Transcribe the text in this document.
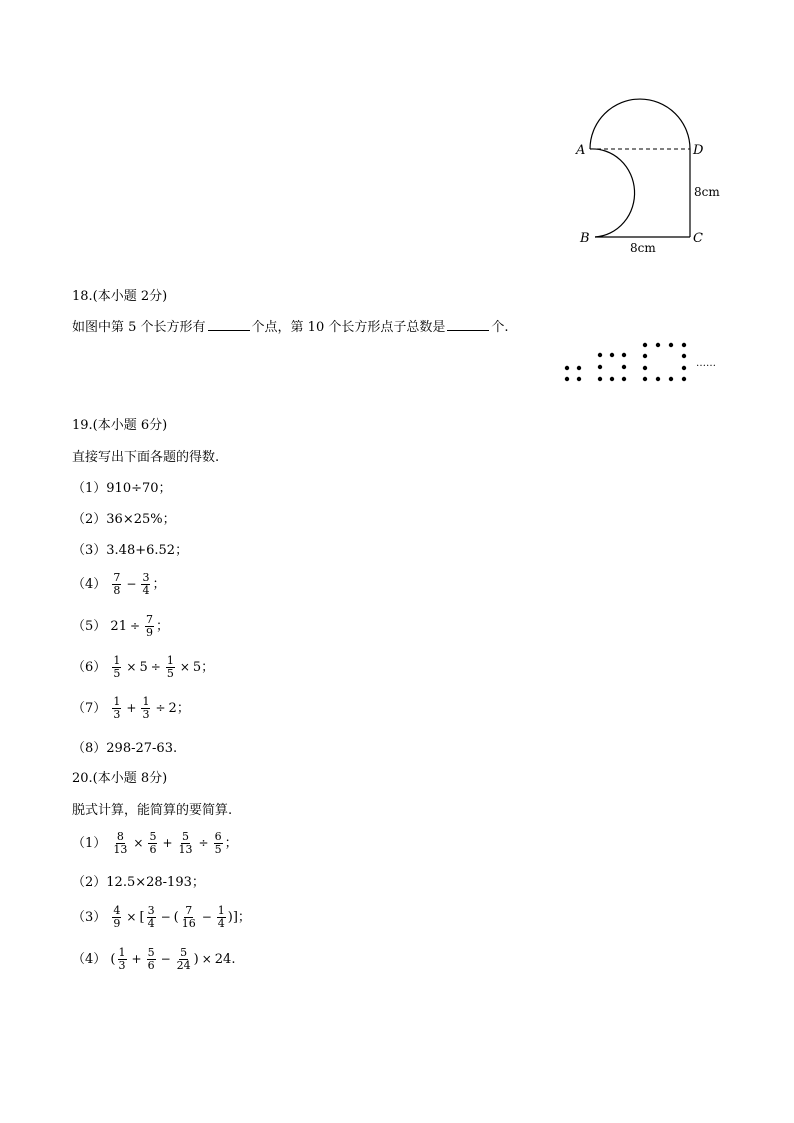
A	D
B	C
8cm
8cm
18.(本小题 2分)
如图中第 5 个长方形有	个点，第 10 个长方形点子总数是	个.
……
19.(本小题 6分)
直接写出下面各题的得数.
（1）910÷70；
（2）36×25%；
（3）3.48+6.52；
$(4) \frac{7}{8} - \frac{3}{4}$ ；
（5） $21 \div \frac{7}{9}$ ；
$(6) \frac{1}{5} \times 5 \div \frac{1}{5} \times 5$；
$(7) \frac{1}{3} + \frac{1}{3} \div 2$；
（8）298-27-63.
20.(本小题 8分)
脱式计算，能简算的要简算.
$(1) \frac{8}{13} \times \frac{5}{6} + \frac{5}{13} \div \frac{6}{5}$ ；
（2）12.5×28-193；
$(3) \frac{4}{9}$ × [ $\frac{3}{4}$ − ( $\frac{7}{16} - \frac{1}{4}$ )]；
（4） ( $\frac{1}{3} + \frac{5}{6} - \frac{5}{24}$ ) × 24.
